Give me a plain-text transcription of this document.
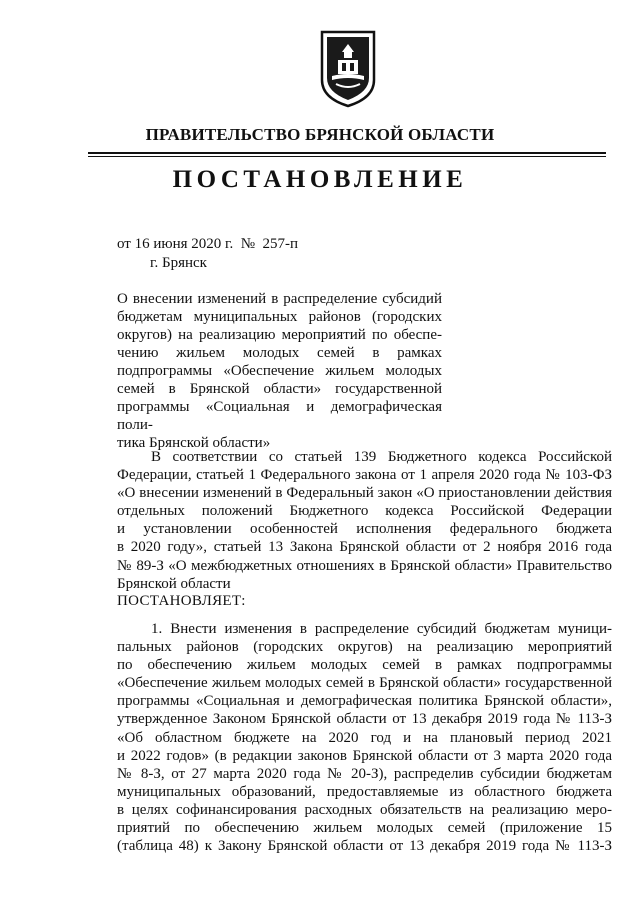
ПРАВИТЕЛЬСТВО БРЯНСКОЙ ОБЛАСТИ
ПОСТАНОВЛЕНИЕ
от 16 июня 2020 г.  №  257-п
г. Брянск
О внесении изменений в распределение субсидий
бюджетам муниципальных районов (городских
округов) на реализацию мероприятий по обеспе-
чению жильем молодых семей в рамках
подпрограммы «Обеспечение жильем молодых
семей в Брянской области» государственной
программы «Социальная и демографическая поли-
тика Брянской области»
В соответствии со статьей 139 Бюджетного кодекса Российской
Федерации, статьей 1 Федерального закона от 1 апреля 2020 года № 103-ФЗ
«О внесении изменений в Федеральный закон «О приостановлении действия
отдельных положений Бюджетного кодекса Российской Федерации
и установлении особенностей исполнения федерального бюджета
в 2020 году», статьей 13 Закона Брянской области от 2 ноября 2016 года
№ 89-З «О межбюджетных отношениях в Брянской области» Правительство
Брянской области
ПОСТАНОВЛЯЕТ:
1. Внести изменения в распределение субсидий бюджетам муници-
пальных районов (городских округов) на реализацию мероприятий
по обеспечению жильем молодых семей в рамках подпрограммы
«Обеспечение жильем молодых семей в Брянской области» государственной
программы «Социальная и демографическая политика Брянской области»,
утвержденное Законом Брянской области от 13 декабря 2019 года № 113-З
«Об областном бюджете на 2020 год и на плановый период 2021
и 2022 годов» (в редакции законов Брянской области от 3 марта 2020 года
№ 8-З, от 27 марта 2020 года № 20-З), распределив субсидии бюджетам
муниципальных образований, предоставляемые из областного бюджета
в целях софинансирования расходных обязательств на реализацию меро-
приятий по обеспечению жильем молодых семей (приложение 15
(таблица 48) к Закону Брянской области от 13 декабря 2019 года № 113-З
